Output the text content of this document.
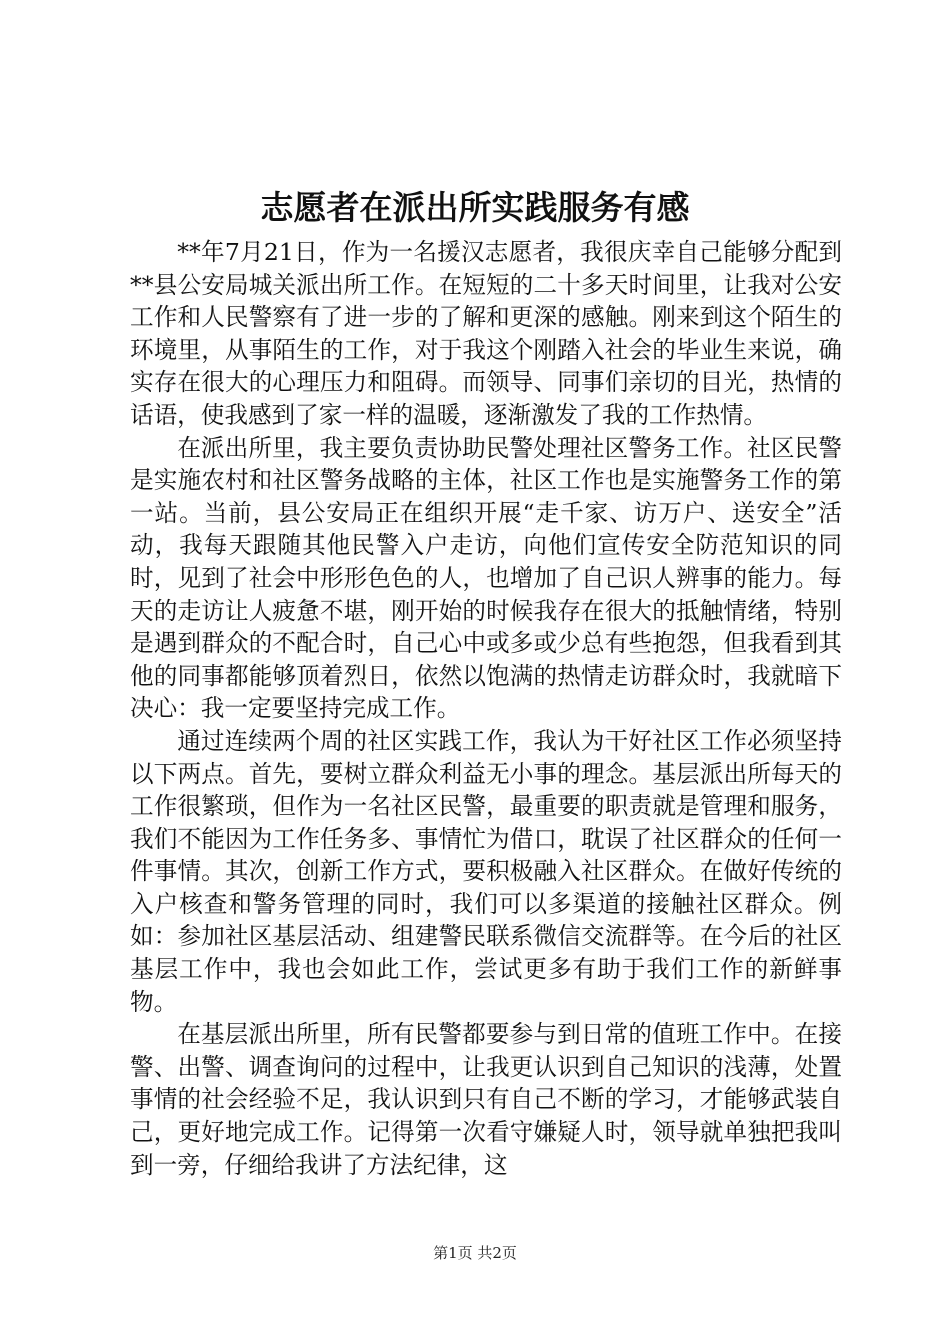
志愿者在派出所实践服务有感

**年7月21日，作为一名援汉志愿者，我很庆幸自己能够分配到**县公安局城关派出所工作。在短短的二十多天时间里，让我对公安工作和人民警察有了进一步的了解和更深的感触。刚来到这个陌生的环境里，从事陌生的工作，对于我这个刚踏入社会的毕业生来说，确实存在很大的心理压力和阻碍。而领导、同事们亲切的目光，热情的话语，使我感到了家一样的温暖，逐渐激发了我的工作热情。

在派出所里，我主要负责协助民警处理社区警务工作。社区民警是实施农村和社区警务战略的主体，社区工作也是实施警务工作的第一站。当前，县公安局正在组织开展“走千家、访万户、送安全”活动，我每天跟随其他民警入户走访，向他们宣传安全防范知识的同时，见到了社会中形形色色的人，也增加了自己识人辨事的能力。每天的走访让人疲惫不堪，刚开始的时候我存在很大的抵触情绪，特别是遇到群众的不配合时，自己心中或多或少总有些抱怨，但我看到其他的同事都能够顶着烈日，依然以饱满的热情走访群众时，我就暗下决心：我一定要坚持完成工作。

通过连续两个周的社区实践工作，我认为干好社区工作必须坚持以下两点。首先，要树立群众利益无小事的理念。基层派出所每天的工作很繁琐，但作为一名社区民警，最重要的职责就是管理和服务，我们不能因为工作任务多、事情忙为借口，耽误了社区群众的任何一件事情。其次，创新工作方式，要积极融入社区群众。在做好传统的入户核查和警务管理的同时，我们可以多渠道的接触社区群众。例如：参加社区基层活动、组建警民联系微信交流群等。在今后的社区基层工作中，我也会如此工作，尝试更多有助于我们工作的新鲜事物。

在基层派出所里，所有民警都要参与到日常的值班工作中。在接警、出警、调查询问的过程中，让我更认识到自己知识的浅薄，处置事情的社会经验不足，我认识到只有自己不断的学习，才能够武装自己，更好地完成工作。记得第一次看守嫌疑人时，领导就单独把我叫到一旁，仔细给我讲了方法纪律，这

第1页 共2页
